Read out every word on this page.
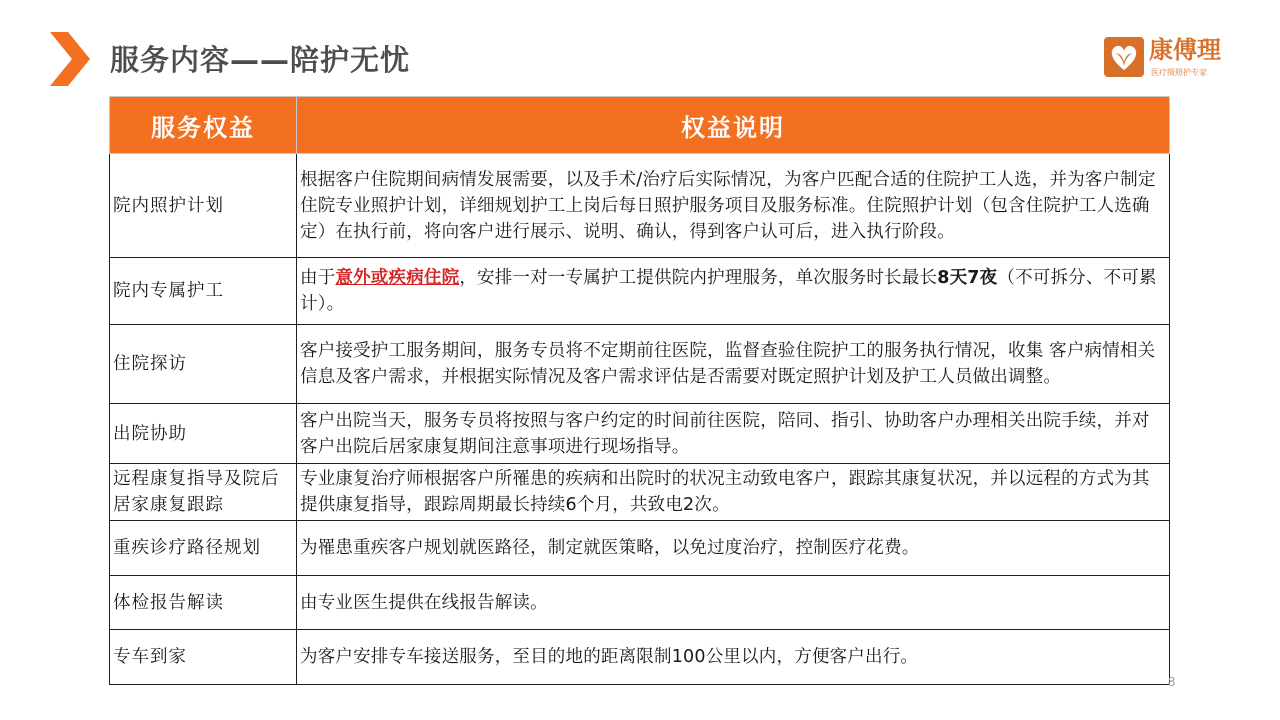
服务内容——陪护无忧	康傅理
医疗级照护专家
服务权益	权益说明
院内照护计划	根据客户住院期间病情发展需要，以及手术/治疗后实际情况，为客户匹配合适的住院护工人选，并为客户制定住院专业照护计划，详细规划护工上岗后每日照护服务项目及服务标准。住院照护计划（包含住院护工人选确定）在执行前，将向客户进行展示、说明、确认，得到客户认可后，进入执行阶段。
院内专属护工	由于意外或疾病住院，安排一对一专属护工提供院内护理服务，单次服务时长最长8天7夜（不可拆分、不可累计）。
住院探访	客户接受护工服务期间，服务专员将不定期前往医院，监督查验住院护工的服务执行情况，收集 客户病情相关信息及客户需求，并根据实际情况及客户需求评估是否需要对既定照护计划及护工人员做出调整。
出院协助	客户出院当天，服务专员将按照与客户约定的时间前往医院，陪同、指引、协助客户办理相关出院手续，并对客户出院后居家康复期间注意事项进行现场指导。
远程康复指导及院后居家康复跟踪	专业康复治疗师根据客户所罹患的疾病和出院时的状况主动致电客户，跟踪其康复状况，并以远程的方式为其提供康复指导，跟踪周期最长持续6个月，共致电2次。
重疾诊疗路径规划	为罹患重疾客户规划就医路径，制定就医策略，以免过度治疗，控制医疗花费。
体检报告解读	由专业医生提供在线报告解读。
专车到家	为客户安排专车接送服务，至目的地的距离限制100公里以内，方便客户出行。
8
